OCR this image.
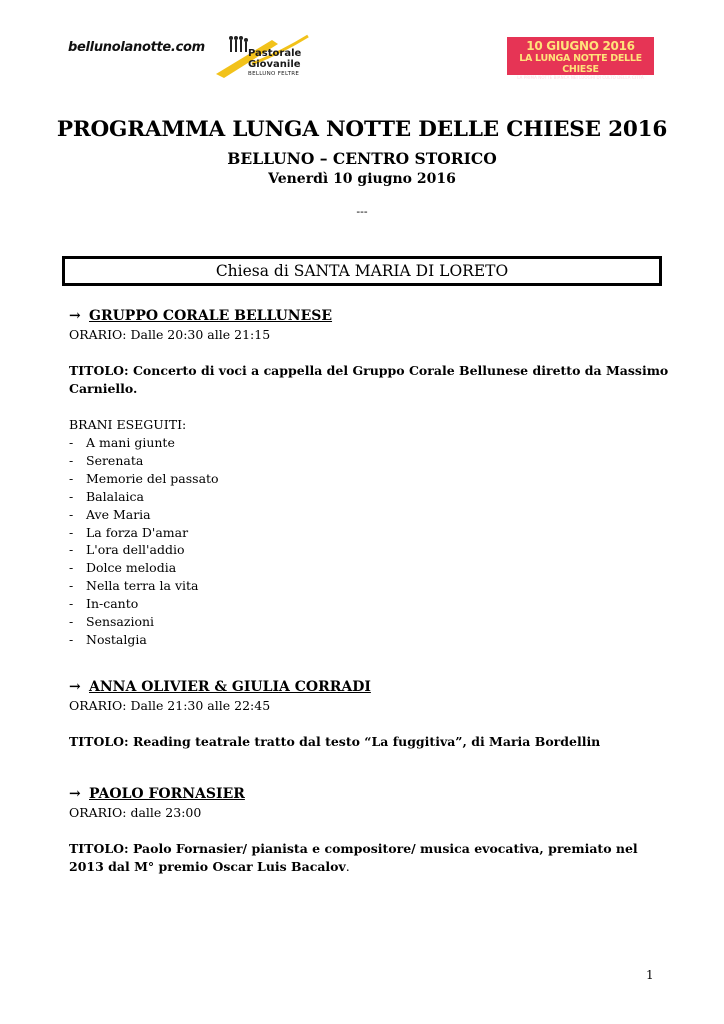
bellunolanotte.com	Pastorale
Giovanile
BELLUNO FELTRE
10 GIUGNO 2016
LA LUNGA NOTTE DELLE CHIESE
LA PRIMA NOTTE BIANCA NEI LUOGHI DI CULTO DELLA CITTÀ
PROGRAMMA LUNGA NOTTE DELLE CHIESE 2016
BELLUNO – CENTRO STORICO
Venerdì 10 giugno 2016
---
Chiesa di SANTA MARIA DI LORETO
→ GRUPPO CORALE BELLUNESE
ORARIO: Dalle 20:30 alle 21:15
TITOLO: Concerto di voci a cappella del Gruppo Corale Bellunese diretto da Massimo
Carniello.
BRANI ESEGUITI:
- A mani giunte
- Serenata
- Memorie del passato
- Balalaica
- Ave Maria
- La forza D'amar
- L'ora dell'addio
- Dolce melodia
- Nella terra la vita
- In-canto
- Sensazioni
- Nostalgia
→ ANNA OLIVIER & GIULIA CORRADI
ORARIO: Dalle 21:30 alle 22:45
TITOLO: Reading teatrale tratto dal testo “La fuggitiva”, di Maria Bordellin
→ PAOLO FORNASIER
ORARIO: dalle 23:00
TITOLO: Paolo Fornasier/ pianista e compositore/ musica evocativa, premiato nel
2013 dal M° premio Oscar Luis Bacalov.
1
